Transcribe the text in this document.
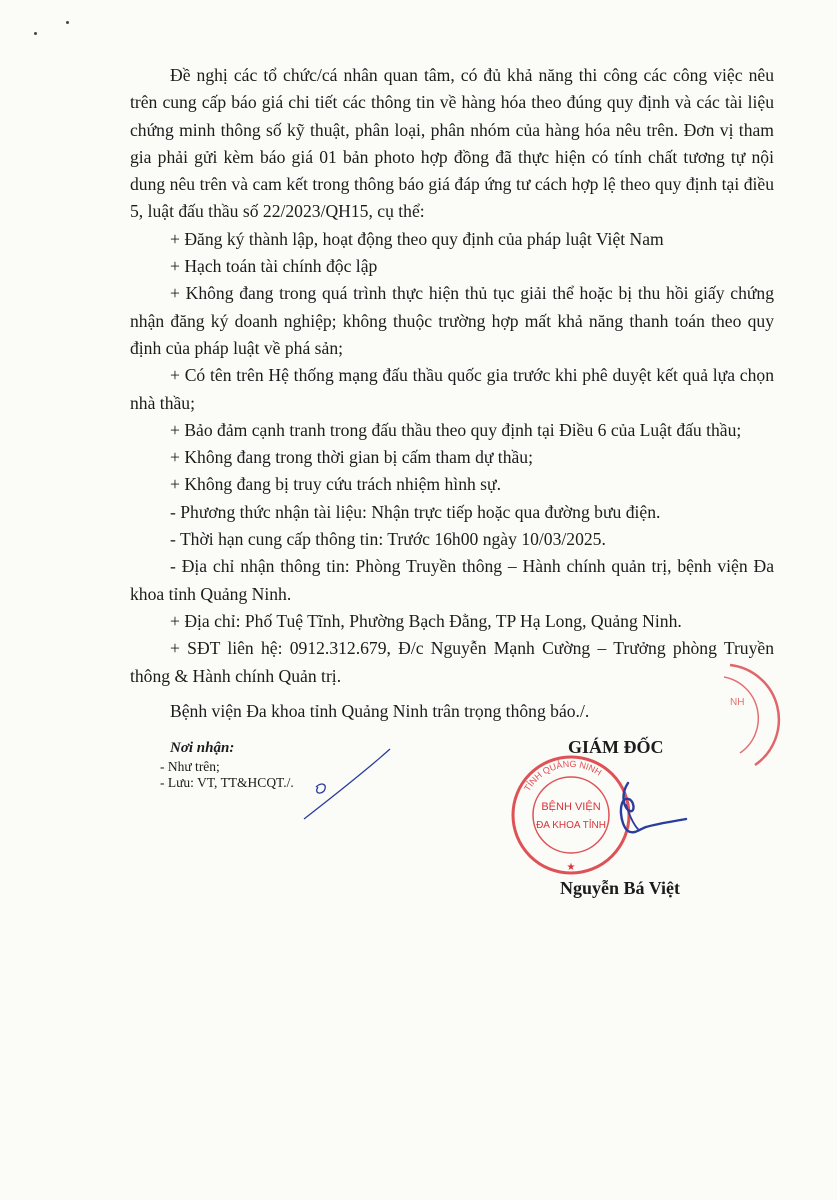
Đề nghị các tổ chức/cá nhân quan tâm, có đủ khả năng thi công các công việc nêu trên cung cấp báo giá chi tiết các thông tin về hàng hóa theo đúng quy định và các tài liệu chứng minh thông số kỹ thuật, phân loại, phân nhóm của hàng hóa nêu trên. Đơn vị tham gia phải gửi kèm báo giá 01 bản photo hợp đồng đã thực hiện có tính chất tương tự nội dung nêu trên và cam kết trong thông báo giá đáp ứng tư cách hợp lệ theo quy định tại điều 5, luật đấu thầu số 22/2023/QH15, cụ thể:

+ Đăng ký thành lập, hoạt động theo quy định của pháp luật Việt Nam

+ Hạch toán tài chính độc lập

+ Không đang trong quá trình thực hiện thủ tục giải thể hoặc bị thu hồi giấy chứng nhận đăng ký doanh nghiệp; không thuộc trường hợp mất khả năng thanh toán theo quy định của pháp luật về phá sản;

+ Có tên trên Hệ thống mạng đấu thầu quốc gia trước khi phê duyệt kết quả lựa chọn nhà thầu;

+ Bảo đảm cạnh tranh trong đấu thầu theo quy định tại Điều 6 của Luật đấu thầu;

+ Không đang trong thời gian bị cấm tham dự thầu;

+ Không đang bị truy cứu trách nhiệm hình sự.

- Phương thức nhận tài liệu: Nhận trực tiếp hoặc qua đường bưu điện.

- Thời hạn cung cấp thông tin: Trước 16h00 ngày 10/03/2025.

- Địa chỉ nhận thông tin: Phòng Truyền thông – Hành chính quản trị, bệnh viện Đa khoa tỉnh Quảng Ninh.

+ Địa chỉ: Phố Tuệ Tĩnh, Phường Bạch Đằng, TP Hạ Long, Quảng Ninh.

+ SĐT liên hệ: 0912.312.679, Đ/c Nguyễn Mạnh Cường – Trưởng phòng Truyền thông & Hành chính Quản trị.

Bệnh viện Đa khoa tỉnh Quảng Ninh trân trọng thông báo./.

Nơi nhận:
- Như trên;
- Lưu: VT, TT&HCQT./.
NH
TỈNH QUẢNG NINH
BỆNH VIỆN
ĐA KHOA TỈNH
★
GIÁM ĐỐC
Nguyễn Bá Việt
